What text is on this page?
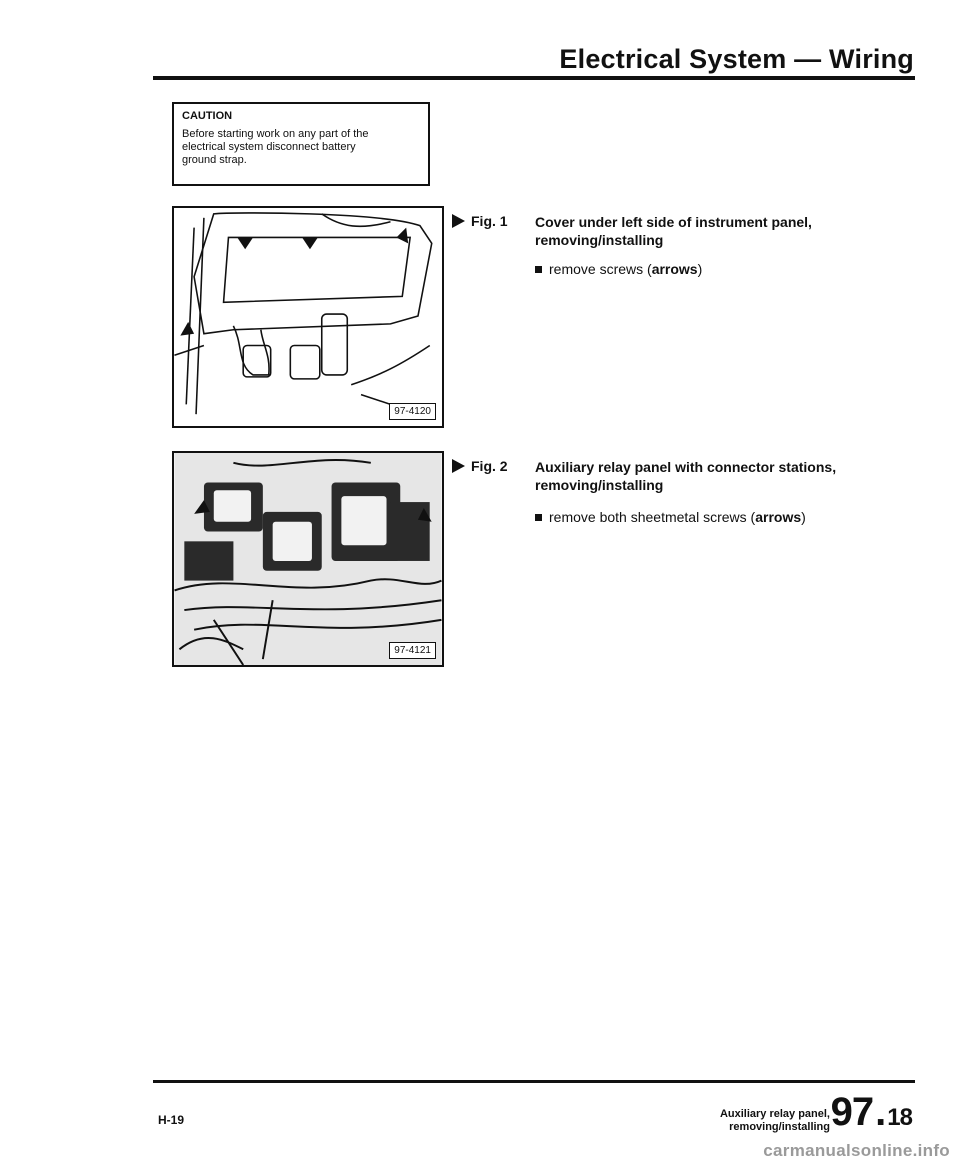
Electrical System — Wiring
CAUTION
Before starting work on any part of the electrical system disconnect battery ground strap.
97-4120
Fig. 1 Cover under left side of instrument panel, removing/installing
remove screws (arrows)
97-4121
Fig. 2 Auxiliary relay panel with connector stations, removing/installing
remove both sheetmetal screws (arrows)
H-19	Auxiliary relay panel,
removing/installing 97.18
carmanualsonline.info
